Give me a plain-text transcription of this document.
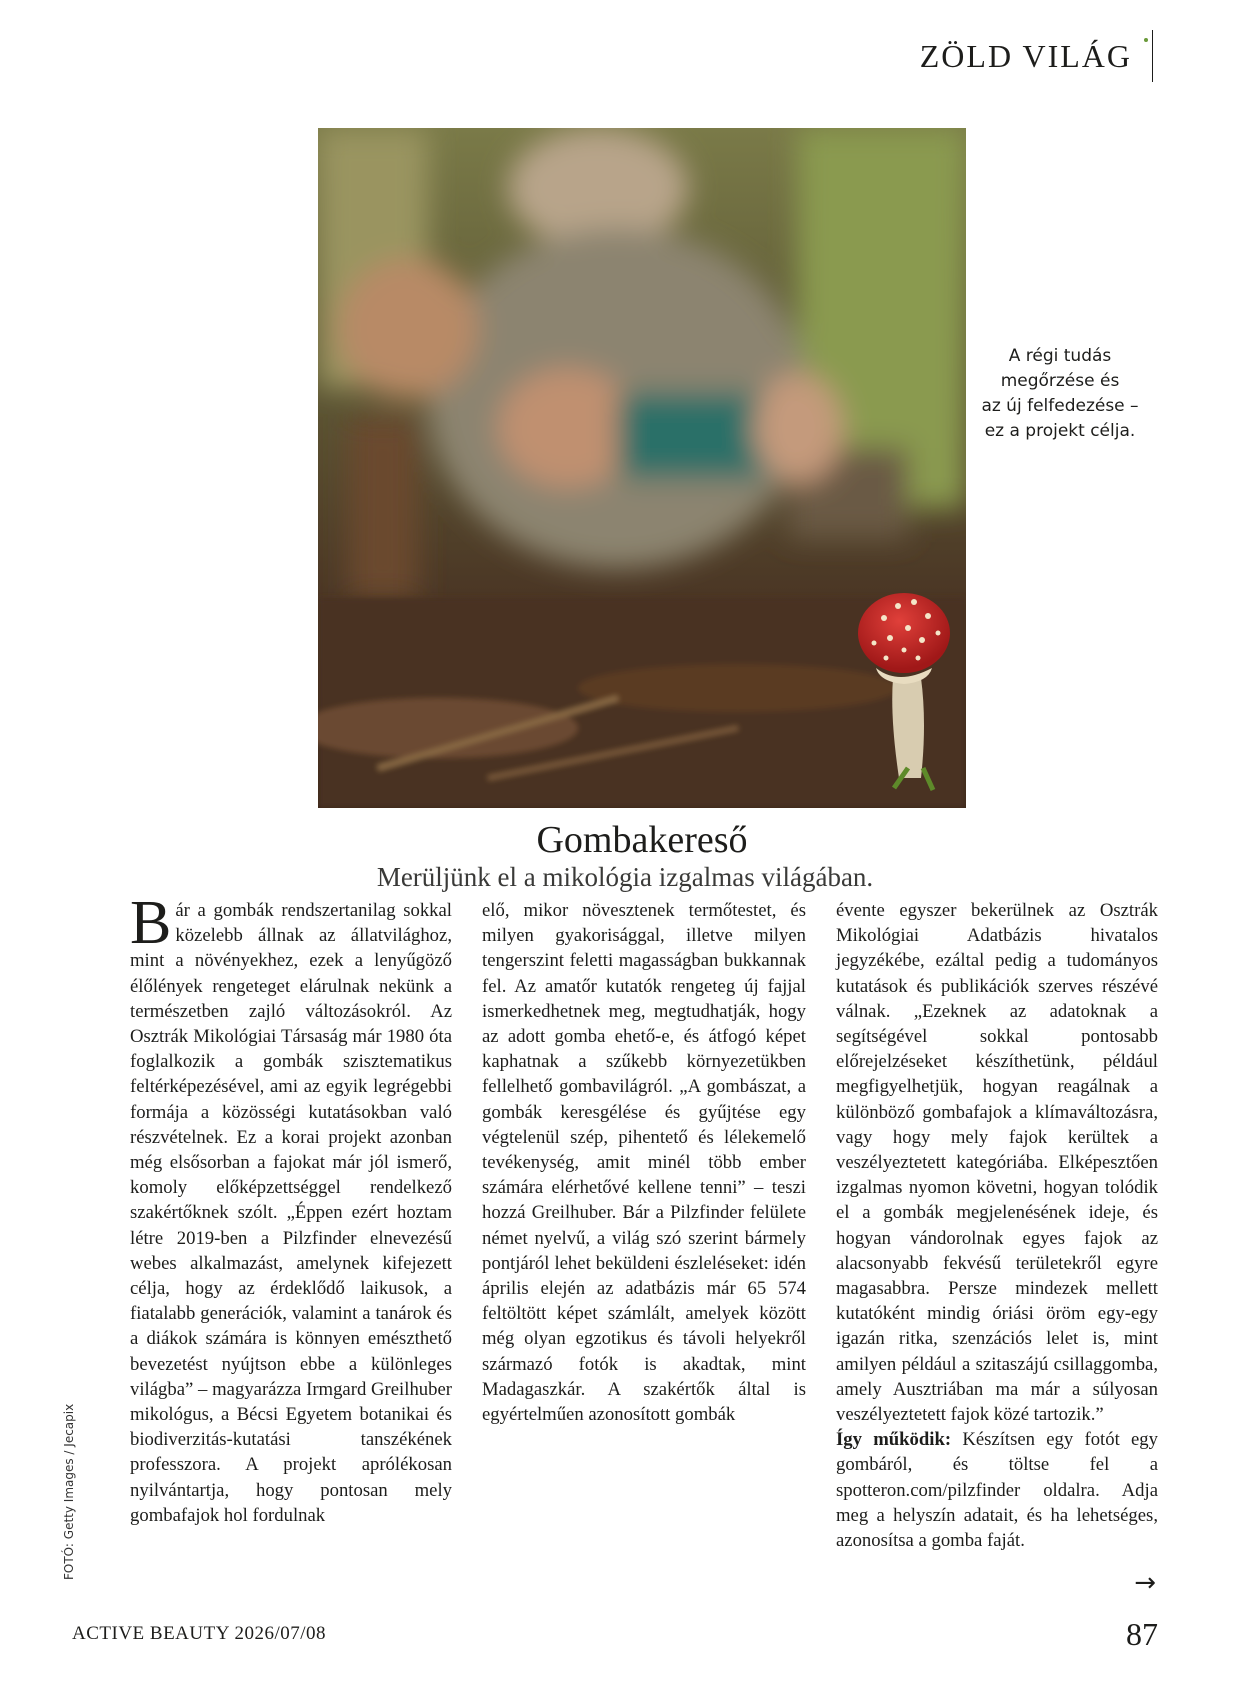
ZÖLD VILÁG
A régi tudás
megőrzése és
az új felfedezése –
ez a projekt célja.
Gombakereső
Merüljünk el a mikológia izgalmas világában.

Bár a gombák rendszertanilag sokkal közelebb állnak az állatvilághoz, mint a növényekhez, ezek a lenyűgöző élőlények rengeteget elárulnak nekünk a természetben zajló változásokról. Az Osztrák Mikológiai Társaság már 1980 óta foglalkozik a gombák szisztematikus feltérképezésével, ami az egyik legrégebbi formája a közösségi kutatásokban való részvételnek. Ez a korai projekt azonban még elsősorban a fajokat már jól ismerő, komoly előképzettséggel rendelkező szakértőknek szólt. „Éppen ezért hoztam létre 2019-ben a Pilzfinder elnevezésű webes alkalmazást, amelynek kifejezett célja, hogy az érdeklődő laikusok, a fiatalabb generációk, valamint a tanárok és a diákok számára is könnyen emészthető bevezetést nyújtson ebbe a különleges világba” – magyarázza Irmgard Greilhuber mikológus, a Bécsi Egyetem botanikai és biodiverzitás-kutatási tanszékének professzora. A projekt aprólékosan nyilvántartja, hogy pontosan mely gombafajok hol fordulnak

elő, mikor növesztenek termőtestet, és milyen gyakorisággal, illetve milyen tengerszint feletti magasságban bukkannak fel. Az amatőr kutatók rengeteg új fajjal ismerkedhetnek meg, megtudhatják, hogy az adott gomba ehető-e, és átfogó képet kaphatnak a szűkebb környezetükben fellelhető gombavilágról. „A gombászat, a gombák keresgélése és gyűjtése egy végtelenül szép, pihentető és lélekemelő tevékenység, amit minél több ember számára elérhetővé kellene tenni” – teszi hozzá Greilhuber. Bár a Pilzfinder felülete német nyelvű, a világ szó szerint bármely pontjáról lehet beküldeni észleléseket: idén április elején az adatbázis már 65 574 feltöltött képet számlált, amelyek között még olyan egzotikus és távoli helyekről származó fotók is akadtak, mint Madagaszkár. A szakértők által is egyértelműen azonosított gombák

évente egyszer bekerülnek az Osztrák Mikológiai Adatbázis hivatalos jegyzékébe, ezáltal pedig a tudományos kutatások és publikációk szerves részévé válnak. „Ezeknek az adatoknak a segítségével sokkal pontosabb előrejelzéseket készíthetünk, például megfigyelhetjük, hogyan reagálnak a különböző gombafajok a klímaváltozásra, vagy hogy mely fajok kerültek a veszélyeztetett kategóriába. Elképesztően izgalmas nyomon követni, hogyan tolódik el a gombák megjelenésének ideje, és hogyan vándorolnak egyes fajok az alacsonyabb fekvésű területekről egyre magasabbra. Persze mindezek mellett kutatóként mindig óriási öröm egy-egy igazán ritka, szenzációs lelet is, mint amilyen például a szitaszájú csillaggomba, amely Ausztriában ma már a súlyosan veszélyeztetett fajok közé tartozik.”

Így működik: Készítsen egy fotót egy gombáról, és töltse fel a spotteron.com/pilzfinder oldalra. Adja meg a helyszín adatait, és ha lehetséges, azonosítsa a gomba faját.

FOTÓ: Getty Images / Jecapix
→
ACTIVE BEAUTY 2026/07/08	87
